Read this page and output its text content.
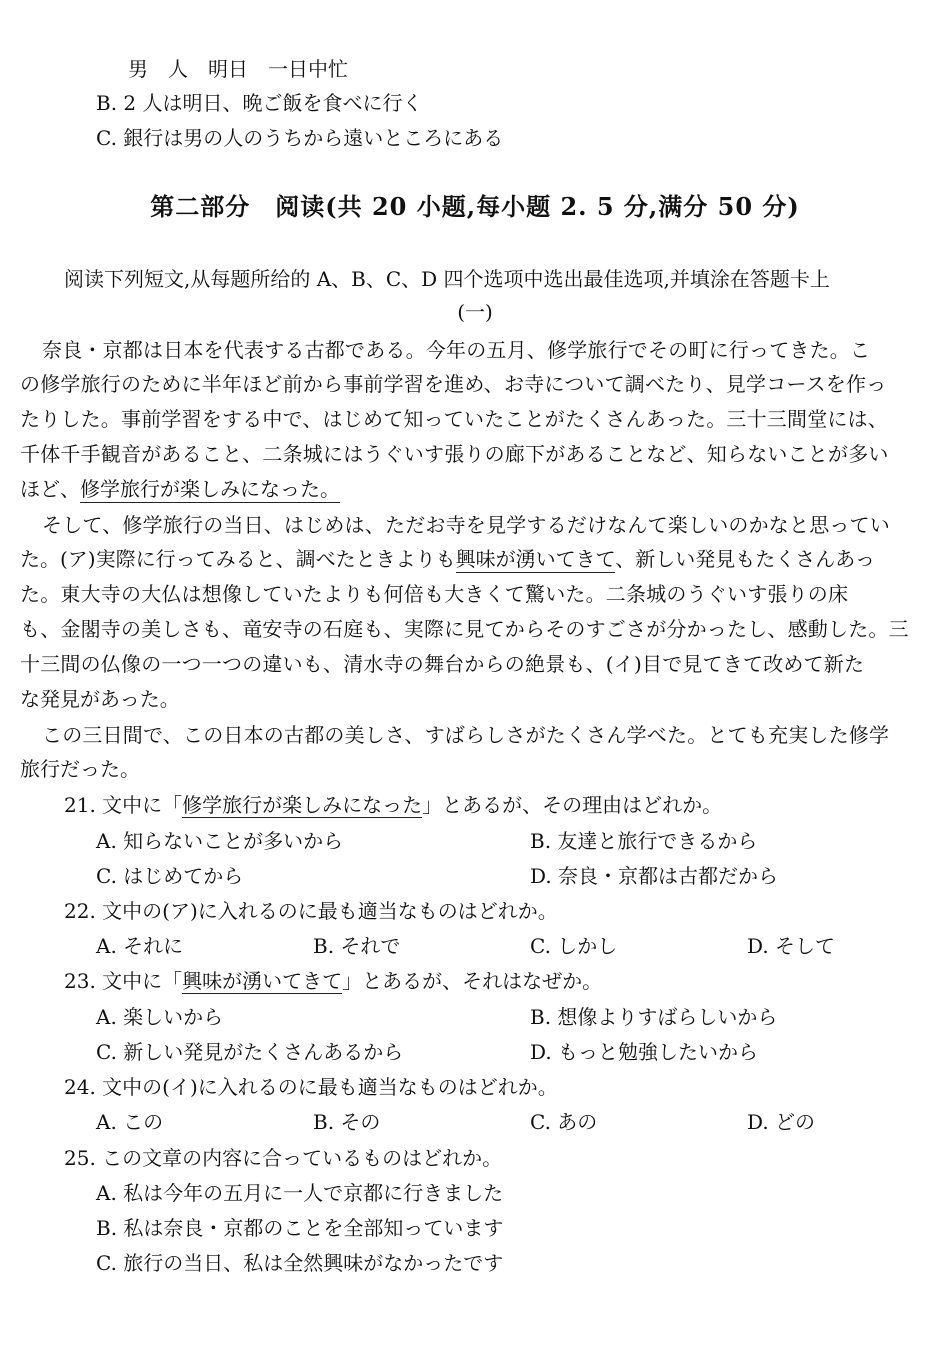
男　人　明日　一日中忙
B. 2 人は明日、晩ご飯を食べに行く
C. 銀行は男の人のうちから遠いところにある
第二部分　阅读(共 20 小题,每小题 2. 5 分,满分 50 分)
阅读下列短文,从每题所给的 A、B、C、D 四个选项中选出最佳选项,并填涂在答题卡上
(一)
奈良・京都は日本を代表する古都である。今年の五月、修学旅行でその町に行ってきた。こ
の修学旅行のために半年ほど前から事前学習を進め、お寺について調べたり、見学コースを作っ
たりした。事前学習をする中で、はじめて知っていたことがたくさんあった。三十三間堂には、
千体千手観音があること、二条城にはうぐいす張りの廊下があることなど、知らないことが多い
ほど、修学旅行が楽しみになった。
そして、修学旅行の当日、はじめは、ただお寺を見学するだけなんて楽しいのかなと思ってい
た。(ア)実際に行ってみると、調べたときよりも興味が湧いてきて、新しい発見もたくさんあっ
た。東大寺の大仏は想像していたよりも何倍も大きくて驚いた。二条城のうぐいす張りの床
も、金閣寺の美しさも、竜安寺の石庭も、実際に見てからそのすごさが分かったし、感動した。三
十三間の仏像の一つ一つの違いも、清水寺の舞台からの絶景も、(イ)目で見てきて改めて新た
な発見があった。
この三日間で、この日本の古都の美しさ、すばらしさがたくさん学べた。とても充実した修学
旅行だった。
21. 文中に「修学旅行が楽しみになった」とあるが、その理由はどれか。
A. 知らないことが多いから	B. 友達と旅行できるから
C. はじめてから	D. 奈良・京都は古都だから
22. 文中の(ア)に入れるのに最も適当なものはどれか。
A. それに	B. それで	C. しかし	D. そして
23. 文中に「興味が湧いてきて」とあるが、それはなぜか。
A. 楽しいから	B. 想像よりすばらしいから
C. 新しい発見がたくさんあるから	D. もっと勉強したいから
24. 文中の(イ)に入れるのに最も適当なものはどれか。
A. この	B. その	C. あの	D. どの
25. この文章の内容に合っているものはどれか。
A. 私は今年の五月に一人で京都に行きました
B. 私は奈良・京都のことを全部知っています
C. 旅行の当日、私は全然興味がなかったです
